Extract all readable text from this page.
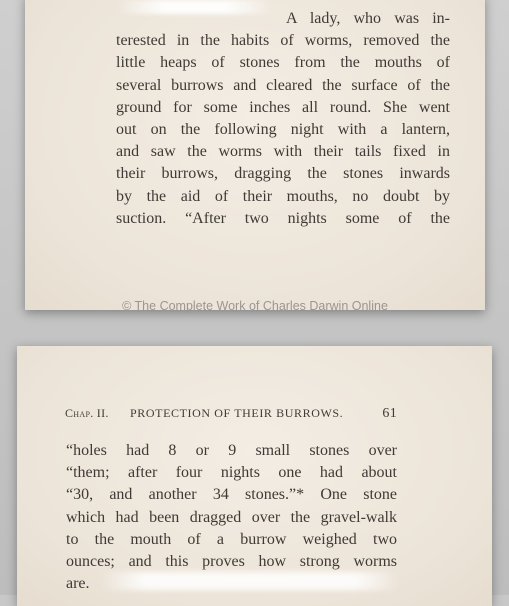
A lady, who was in-
terested in the habits of worms, removed the
little heaps of stones from the mouths of
several burrows and cleared the surface of the
ground for some inches all round. She went
out on the following night with a lantern,
and saw the worms with their tails fixed in
their burrows, dragging the stones inwards
by the aid of their mouths, no doubt by
suction. “After two nights some of the
© The Complete Work of Charles Darwin Online
Chap. II. PROTECTION OF THEIR BURROWS.	61
“holes had 8 or 9 small stones over
“them; after four nights one had about
“30, and another 34 stones.”* One stone
which had been dragged over the gravel-walk
to the mouth of a burrow weighed two
ounces; and this proves how strong worms
are.
